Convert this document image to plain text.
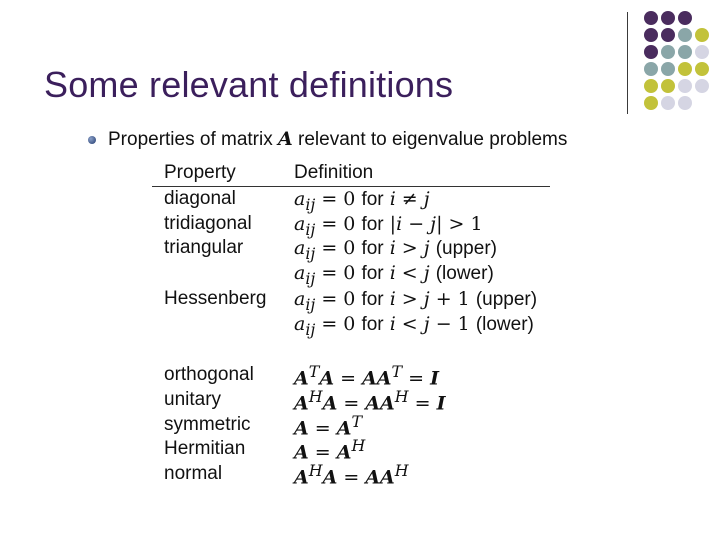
Some relevant definitions
Properties of matrix A relevant to eigenvalue problems
Property	Definition
diagonal	$a_{ij} = 0$ for i ≠ j
tridiagonal $a_{ij} = 0$ for |i − j| > 1
triangular	$a_{ij} = 0$ for i > j (upper)
$a_{ij} = 0$ for i < j (lower)
Hessenberg $a_{ij} = 0$ for i > j + 1 (upper)
$a_{ij} = 0$ for i < j − 1 (lower)
orthogonal $A^TA = AA^T = I$
unitary	$A^HA = AA^H = I$
symmetric $A = A^T$
Hermitian	$A = A^H$
normal	$A^HA = AA^H$
